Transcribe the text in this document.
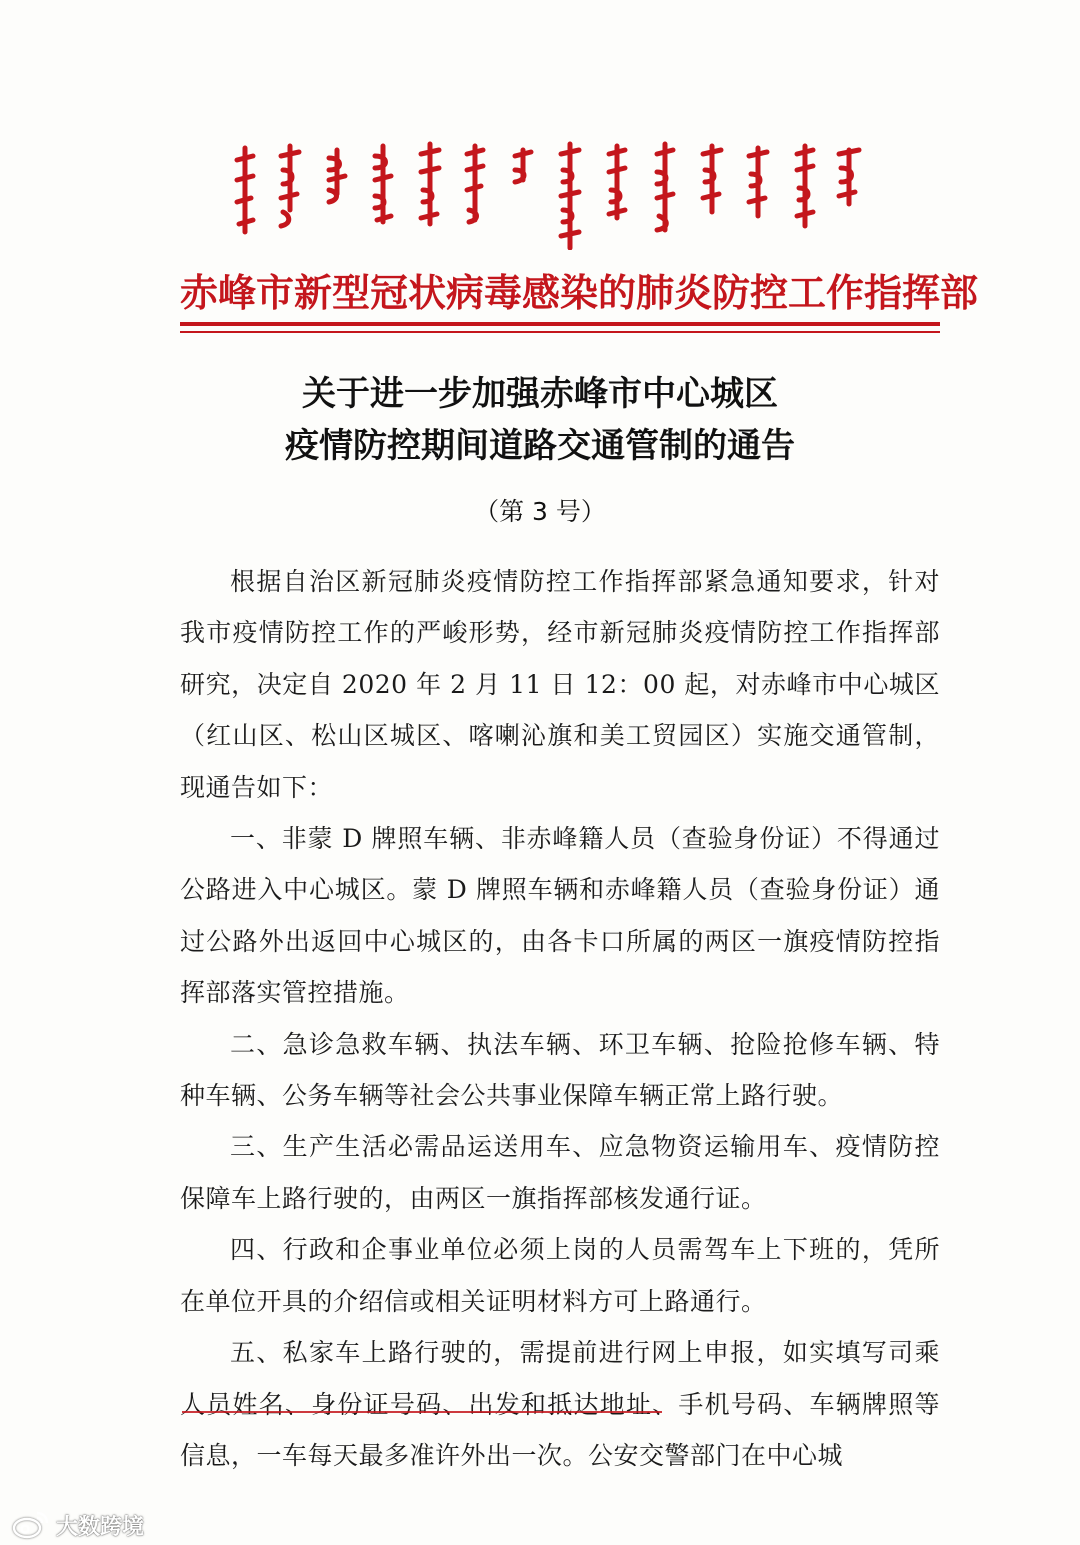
赤峰市新型冠状病毒感染的肺炎防控工作指挥部
关于进一步加强赤峰市中心城区
疫情防控期间道路交通管制的通告
（第 3 号）

根据自治区新冠肺炎疫情防控工作指挥部紧急通知要求，针对我市疫情防控工作的严峻形势，经市新冠肺炎疫情防控工作指挥部研究，决定自 2020 年 2 月 11 日 12：00 起，对赤峰市中心城区（红山区、松山区城区、喀喇沁旗和美工贸园区）实施交通管制，现通告如下：

一、非蒙 D 牌照车辆、非赤峰籍人员（查验身份证）不得通过公路进入中心城区。蒙 D 牌照车辆和赤峰籍人员（查验身份证）通过公路外出返回中心城区的，由各卡口所属的两区一旗疫情防控指挥部落实管控措施。

二、急诊急救车辆、执法车辆、环卫车辆、抢险抢修车辆、特种车辆、公务车辆等社会公共事业保障车辆正常上路行驶。

三、生产生活必需品运送用车、应急物资运输用车、疫情防控保障车上路行驶的，由两区一旗指挥部核发通行证。

四、行政和企事业单位必须上岗的人员需驾车上下班的，凭所在单位开具的介绍信或相关证明材料方可上路通行。

五、私家车上路行驶的，需提前进行网上申报，如实填写司乘人员姓名、身份证号码、出发和抵达地址、手机号码、车辆牌照等信息，一车每天最多准许外出一次。公安交警部门在中心城

大数跨境
